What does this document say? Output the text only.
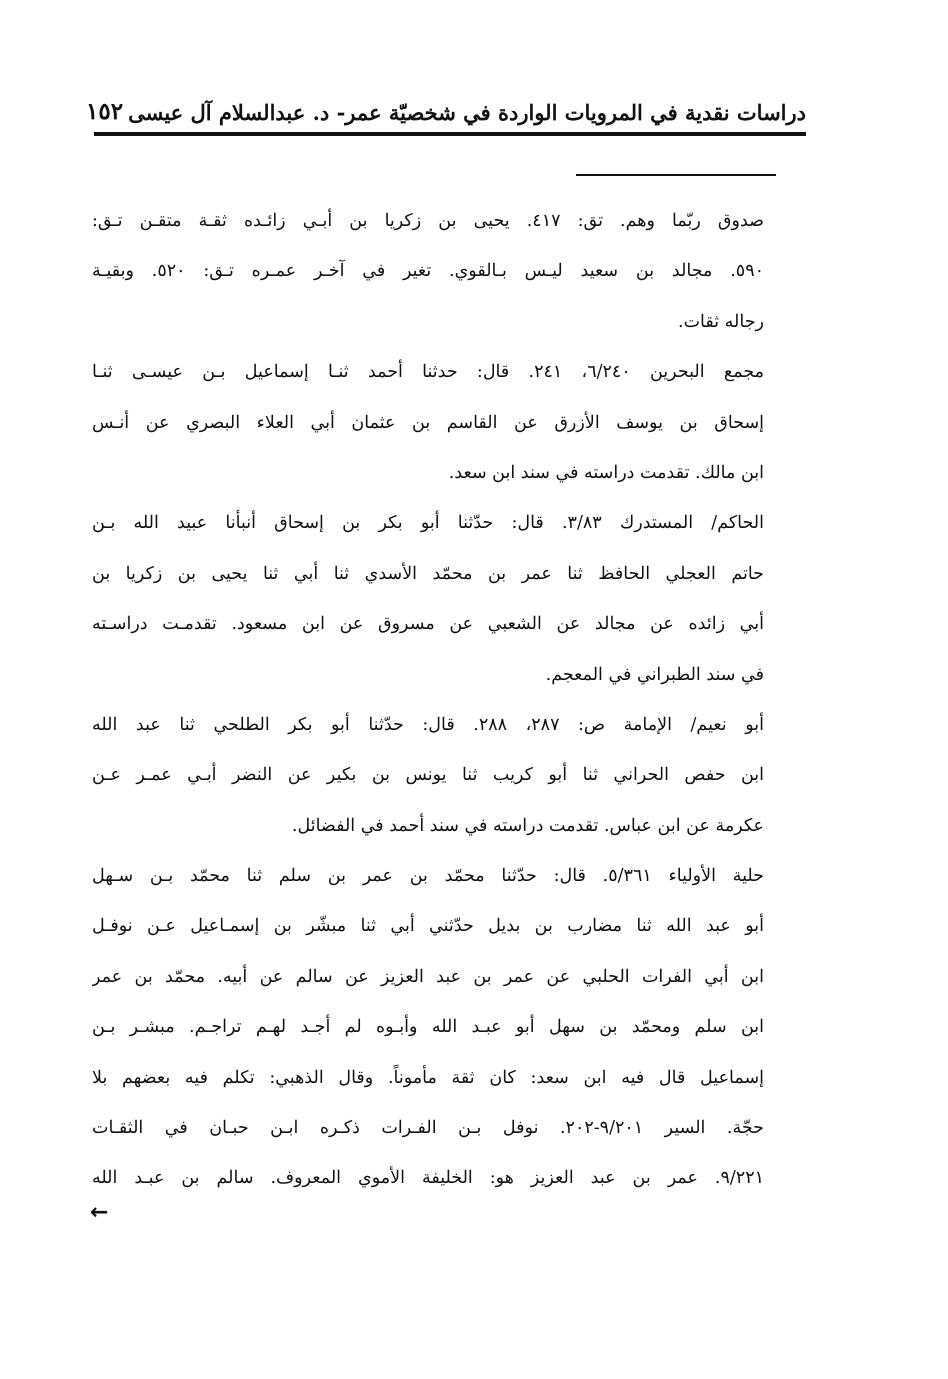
دراسات نقدية في المرويات الواردة في شخصيّة عمر- د. عبدالسلام آل عيسى
١٥٢
صدوق ربّما وهم. تق: ٤١٧. يحيى بن زكريا بن أبـي زائـده ثقـة متقـن تـق:
٥٩٠. مجالد بن سعيد ليـس بـالقوي. تغير في آخـر عمـره تـق: ٥٢٠. وبقيـة
رجاله ثقات.
مجمع البحرين ٦/٢٤٠، ٢٤١. قال: حدثنا أحمد ثنـا إسماعيل بـن عيسـى ثنـا
إسحاق بن يوسف الأزرق عن القاسم بن عثمان أبي العلاء البصري عن أنـس
ابن مالك. تقدمت دراسته في سند ابن سعد.
الحاكم/ المستدرك ٣/٨٣. قال: حدّثنا أبو بكر بن إسحاق أنبأنا عبيد الله بـن
حاتم العجلي الحافظ ثنا عمر بن محمّد الأسدي ثنا أبي ثنا يحيى بن زكريا بن
أبي زائده عن مجالد عن الشعبي عن مسروق عن ابن مسعود. تقدمـت دراسـته
في سند الطبراني في المعجم.
أبو نعيم/ الإمامة ص: ٢٨٧، ٢٨٨. قال: حدّثنا أبو بكر الطلحي ثنا عبد الله
ابن حفص الحراني ثنا أبو كريب ثنا يونس بن بكير عن النضر أبـي عمـر عـن
عكرمة عن ابن عباس. تقدمت دراسته في سند أحمد في الفضائل.
حلية الأولياء ٥/٣٦١. قال: حدّثنا محمّد بن عمر بن سلم ثنا محمّد بـن سـهل
أبو عبد الله ثنا مضارب بن بديل حدّثني أبي ثنا مبشّر بن إسمـاعيل عـن نوفـل
ابن أبي الفرات الحلبي عن عمر بن عبد العزيز عن سالم عن أبيه. محمّد بن عمر
ابن سلم ومحمّد بن سهل أبو عبـد الله وأبـوه لم أجـد لهـم تراجـم. مبشـر بـن
إسماعيل قال فيه ابن سعد: كان ثقة مأموناً. وقال الذهبي: تكلم فيه بعضهم بلا
حجّة. السير ٩/٢٠١-٢٠٢. نوفل بـن الفـرات ذكـره ابـن حبـان في الثقـات
٩/٢٢١. عمر بن عبد العزيز هو: الخليفة الأموي المعروف. سالم بن عبـد الله
←
